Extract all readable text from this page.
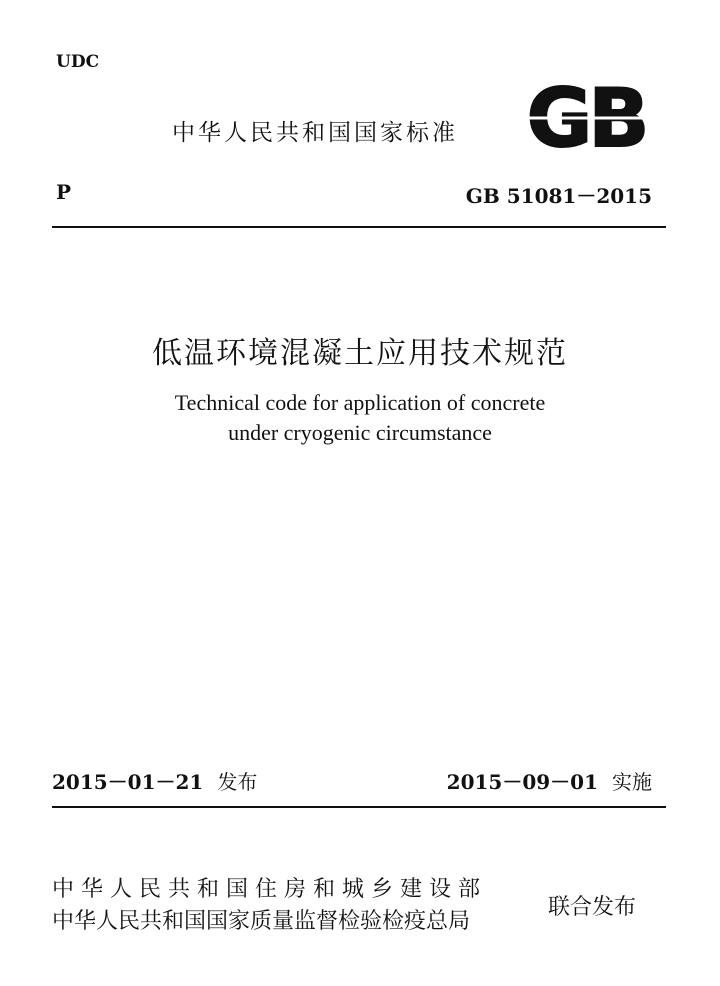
UDC
中华人民共和国国家标准 GB
P	GB 51081－2015
低温环境混凝土应用技术规范
Technical code for application of concrete
under cryogenic circumstance
2015－01－21 发布	2015－09－01 实施
中华人民共和国住房和城乡建设部
中华人民共和国国家质量监督检验检疫总局
联合发布
